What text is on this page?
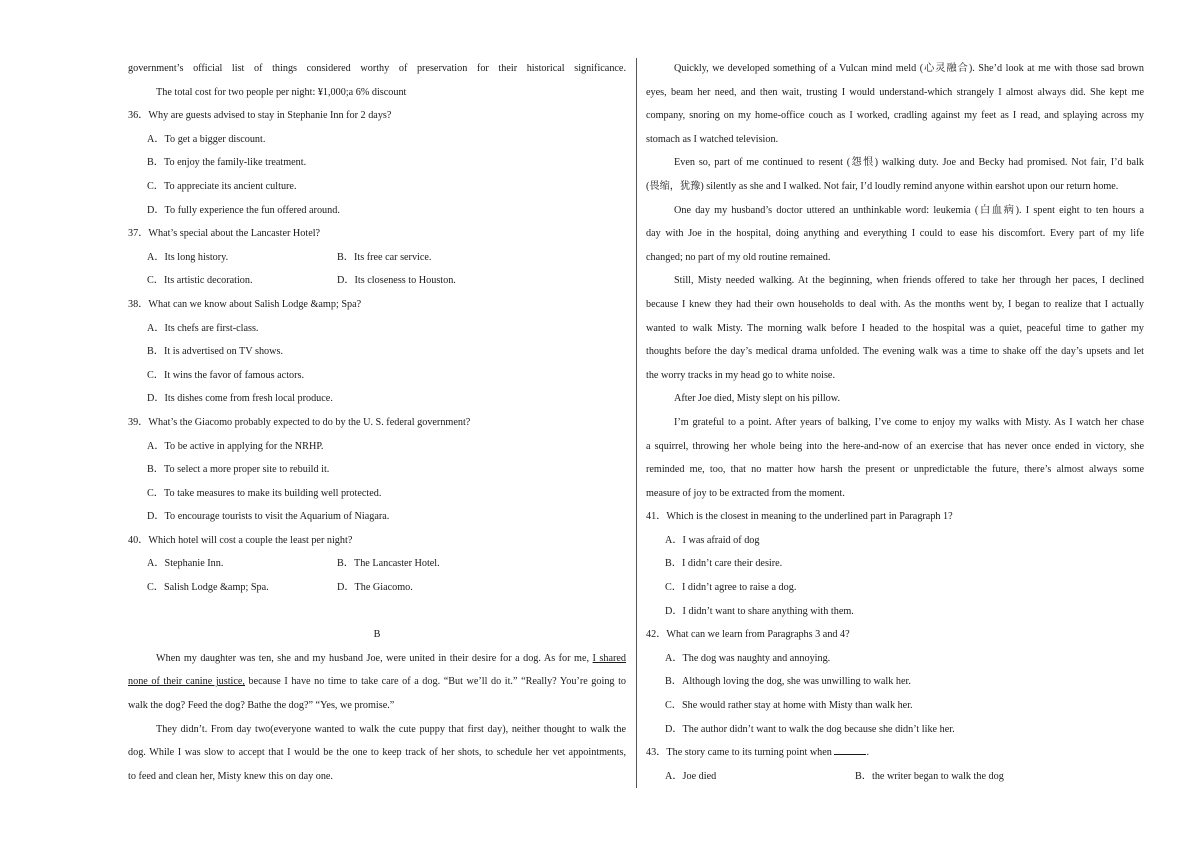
government’s official list of things considered worthy of preservation for their historical significance.
The total cost for two people per night: ¥1,000;a 6% discount
36．Why are guests advised to stay in Stephanie Inn for 2 days?
A．To get a bigger discount.
B．To enjoy the family-like treatment.
C．To appreciate its ancient culture.
D．To fully experience the fun offered around.
37．What’s special about the Lancaster Hotel?
A．Its long history.	B．Its free car service.
C．Its artistic decoration.	D．Its closeness to Houston.
38．What can we know about Salish Lodge &amp; Spa?
A．Its chefs are first-class.
B．It is advertised on TV shows.
C．It wins the favor of famous actors.
D．Its dishes come from fresh local produce.
39．What’s the Giacomo probably expected to do by the U. S. federal government?
A．To be active in applying for the NRHP.
B．To select a more proper site to rebuild it.
C．To take measures to make its building well protected.
D．To encourage tourists to visit the Aquarium of Niagara.
40．Which hotel will cost a couple the least per night?
A．Stephanie Inn.	B．The Lancaster Hotel.
C．Salish Lodge &amp; Spa.	D．The Giacomo.
B
When my daughter was ten, she and my husband Joe, were united in their desire for a dog. As for me, I shared
none of their canine justice, because I have no time to take care of a dog. “But we’ll do it.” “Really? You’re going to
walk the dog? Feed the dog? Bathe the dog?” “Yes, we promise.”
They didn’t. From day two(everyone wanted to walk the cute puppy that first day), neither thought to walk the
dog. While I was slow to accept that I would be the one to keep track of her shots, to schedule her vet appointments,
to feed and clean her, Misty knew this on day one.
Quickly, we developed something of a Vulcan mind meld (心灵融合). She’d look at me with those sad brown
eyes, beam her need, and then wait, trusting I would understand-which strangely I almost always did. She kept me
company, snoring on my home-office couch as I worked, cradling against my feet as I read, and splaying across my
stomach as I watched television.
Even so, part of me continued to resent (怨恨) walking duty. Joe and Becky had promised. Not fair, I’d balk
(畏缩，犹豫) silently as she and I walked. Not fair, I’d loudly remind anyone within earshot upon our return home.
One day my husband’s doctor uttered an unthinkable word: leukemia (白血病). I spent eight to ten hours a
day with Joe in the hospital, doing anything and everything I could to ease his discomfort. Every part of my life
changed; no part of my old routine remained.
Still, Misty needed walking. At the beginning, when friends offered to take her through her paces, I declined
because I knew they had their own households to deal with. As the months went by, I began to realize that I actually
wanted to walk Misty. The morning walk before I headed to the hospital was a quiet, peaceful time to gather my
thoughts before the day’s medical drama unfolded. The evening walk was a time to shake off the day’s upsets and let
the worry tracks in my head go to white noise.
After Joe died, Misty slept on his pillow.
I’m grateful to a point. After years of balking, I’ve come to enjoy my walks with Misty. As I watch her chase
a squirrel, throwing her whole being into the here-and-now of an exercise that has never once ended in victory, she
reminded me, too, that no matter how harsh the present or unpredictable the future, there’s almost always some
measure of joy to be extracted from the moment.
41．Which is the closest in meaning to the underlined part in Paragraph 1?
A．I was afraid of dog
B．I didn’t care their desire.
C．I didn’t agree to raise a dog.
D．I didn’t want to share anything with them.
42．What can we learn from Paragraphs 3 and 4?
A．The dog was naughty and annoying.
B．Although loving the dog, she was unwilling to walk her.
C．She would rather stay at home with Misty than walk her.
D．The author didn’t want to walk the dog because she didn’t like her.
43．The story came to its turning point when	.
A．Joe died	B．the writer began to walk the dog
